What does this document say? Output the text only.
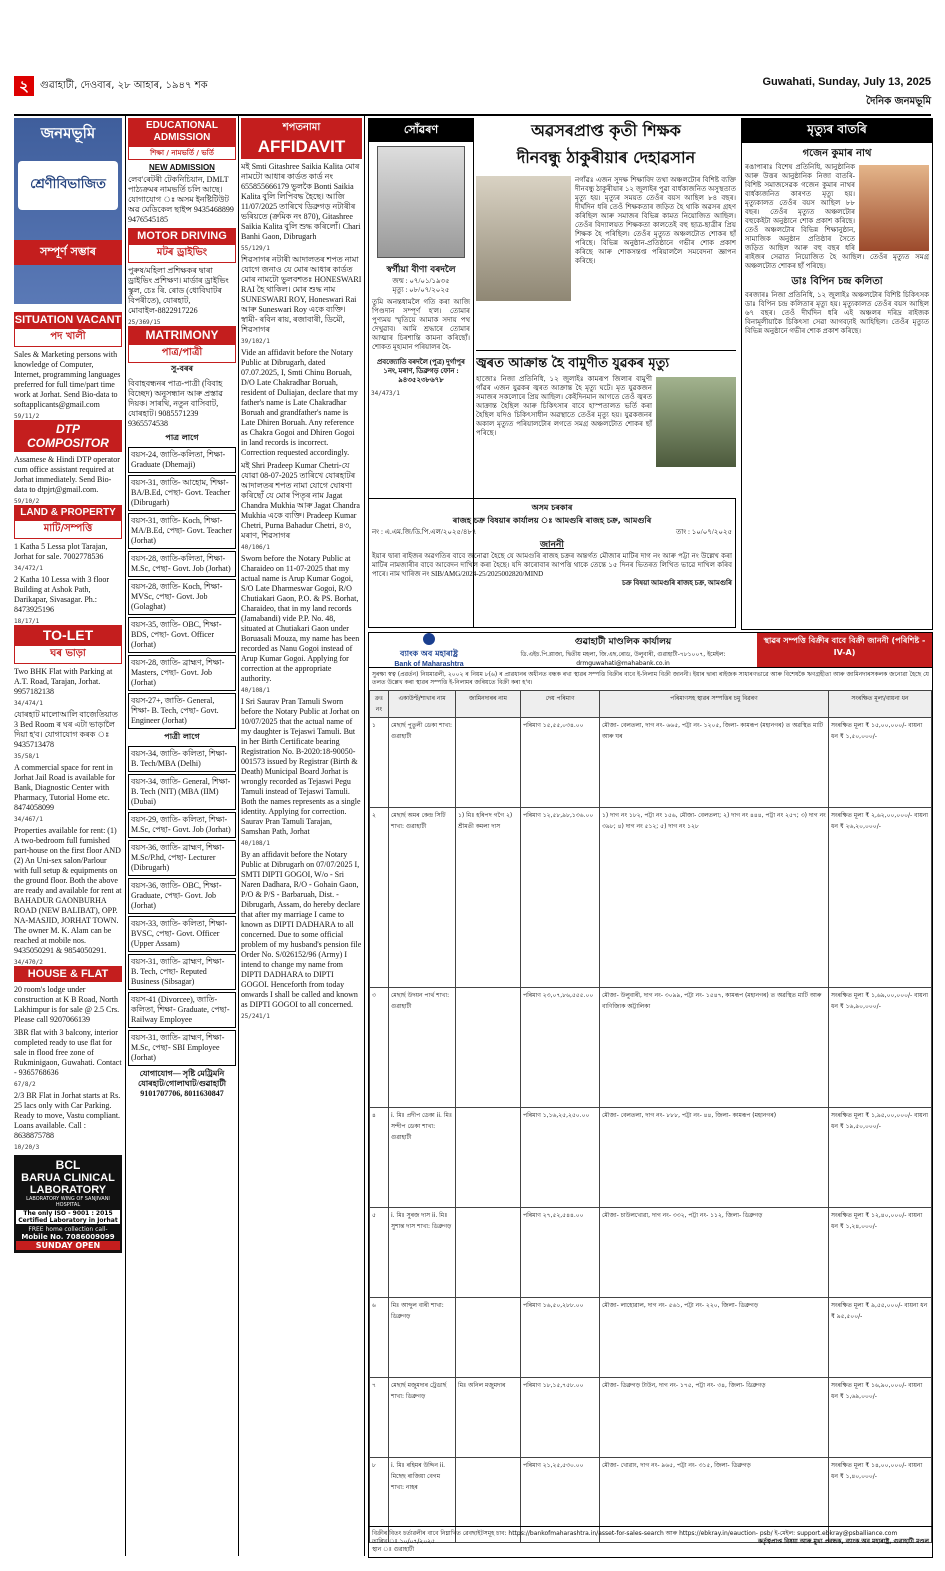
২	গুৱাহাটী, দেওবাৰ, ২৮ আহাৰ, ১৯৪৭ শক	Guwahati, Sunday, July 13, 2025
দৈনিক জনমভূমি
জনমভূমি
শ্ৰেণীবিভাজিত
সম্পূৰ্ণ সম্ভাৰ
SITUATION VACANT
পদ খালী
Sales & Marketing persons with knowledge of Computer, Internet, programming languages preferred for full time/part time work at Jorhat. Send Bio-data to softapplicants@gmail.com
59/11/2
DTP COMPOSITOR
Assamese & Hindi DTP operator cum office assistant required at Jorhat immediately. Send Bio-data to dtpjrt@gmail.com.
59/10/2
LAND & PROPERTY
মাটি/সম্পত্তি
1 Katha 5 Lessa plot Tarajan, Jorhat for sale. 7002778536
34/472/1
2 Katha 10 Lessa with 3 floor Building at Ashok Path, Darikapar, Sivasagar. Ph.: 8473925196
18/17/1
TO-LET
ঘৰ ভাড়া
Two BHK Flat with Parking at A.T. Road, Tarajan, Jorhat. 9957182138
34/474/1
যোৰহাট মালোআলি বাজেতিয়াত 3 Bed Room ৰ ঘৰ এটা ভাড়ালৈ দিয়া হ'ব। যোগাযোগ কৰক ঃ 9435713478
35/58/1
A commercial space for rent in Jorhat Jail Road is available for Bank, Diagnostic Center with Pharmacy, Tutorial Home etc. 8474058099
34/467/1
Properties available for rent: (1) A two-bedroom full furnished part-house on the first floor AND (2) An Uni-sex salon/Parlour with full setup & equipments on the ground floor. Both the above are ready and available for rent at BAHADUR GAONBURHA ROAD (NEW BALIBAT), OPP. NA-MASJID, JORHAT TOWN. The owner M. K. Alam can be reached at mobile nos. 9435050291 & 9854050291.
34/470/2
HOUSE & FLAT
20 room's lodge under construction at K B Road, North Lakhimpur is for sale @ 2.5 Crs. Please call 9207066139
3BR flat with 3 balcony, interior completed ready to use flat for sale in flood free zone of Rukminigaon, Guwahati. Contact - 9365768636
67/8/2
2/3 BR Flat in Jorhat starts at Rs. 25 lacs only with Car Parking. Ready to move, Vastu compliant. Loans available. Call : 8638875788
10/20/3
BCL
BARUA CLINICAL LABORATORY
LABORATORY WING OF SANJIVANI HOSPITAL
The only ISO - 9001 : 2015 Certified Laboratory in Jorhat
FREE home collection call-
Mobile No. 7086009099
SUNDAY OPEN
EDUCATIONAL ADMISSION
শিক্ষা / নামভৰ্তি / ভৰ্তি
NEW ADMISSION
লেব'ৰেটৰী টেকনিচিয়ান, DMLT পাঠ্যক্ৰমৰ নামভৰ্তি চলি আছে। যোগাযোগ ঃ অসম ইনষ্টিটিউট অৱ মেডিকেল ছাইন্স 9435468899 9476545185
MOTOR DRIVING
মটৰ ড্ৰাইভিং
পুৰুষ/মহিলা প্ৰশিক্ষকৰ দ্বাৰা ড্ৰাইভিং প্ৰশিক্ষণ। মাৰ্ডাৰ ড্ৰাইভিং স্কুল, চেঃ ৰি. ৰোড (ধোবিঘাটৰ বিপৰীতে), যোৰহাট, মোবাইল-8822917226
25/369/15
MATRIMONY
পাত্ৰ/পাত্ৰী
সু-বৰৰ
বিবাহবন্ধনৰ পাত্ৰ-পাত্ৰী (বিবাহ বিচ্ছেদ) অনুসন্ধান আৰু প্ৰস্তাৱ দিয়ক। সাৰথি, নতুন বাসিবাট, যোৰহাট। 9085571239 9365574538
পাত্ৰ লাগে
বয়স-24, জাতি-কলিতা, শিক্ষা- Graduate (Dhemaji)
বয়স-31, জাতি- আহোম, শিক্ষা- BA/B.Ed, পেছা- Govt. Teacher (Dibrugarh)
বয়স-31, জাতি- Koch, শিক্ষা- MA/B.Ed, পেছা- Govt. Teacher (Jorhat)
বয়স-28, জাতি-কলিতা, শিক্ষা- M.Sc, পেছা- Govt. Job (Jorhat)
বয়স-28, জাতি- Koch, শিক্ষা- MVSc, পেছা- Govt. Job (Golaghat)
বয়স-35, জাতি- OBC, শিক্ষা- BDS, পেছা- Govt. Officer (Jorhat)
বয়স-28, জাতি- ব্ৰাহ্মণ, শিক্ষা- Masters, পেছা- Govt. Job (Jorhat)
বয়স-27+, জাতি- General, শিক্ষা- B. Tech, পেছা- Govt. Engineer (Jorhat)
পাত্ৰী লাগে
বয়স-34, জাতি- কলিতা, শিক্ষা- B. Tech/MBA (Delhi)
বয়স-34, জাতি- General, শিক্ষা- B. Tech (NIT) (MBA (IIM) (Dubai)
বয়স-29, জাতি- কলিতা, শিক্ষা- M.Sc, পেছা- Govt. Job (Jorhat)
বয়স-36, জাতি- ব্ৰাহ্মণ, শিক্ষা- M.Sc/P.hd, পেছা- Lecturer (Dibrugarh)
বয়স-36, জাতি- OBC, শিক্ষা- Graduate, পেছা- Govt. Job (Jorhat)
বয়স-33, জাতি- কলিতা, শিক্ষা- BVSC, পেছা- Govt. Officer (Upper Assam)
বয়স-31, জাতি- ব্ৰাহ্মণ, শিক্ষা- B. Tech, পেছা- Reputed Business (Sibsagar)
বয়স-41 (Divorcee), জাতি- কলিতা, শিক্ষা- Graduate, পেছা- Railway Employee
বয়স-31, জাতি- ব্ৰাহ্মণ, শিক্ষা- M.Sc, পেছা- SBI Employee (Jorhat)
যোগাযোগ— সৃষ্টি মেট্ৰিমনি যোৰহাট/গোলাঘাট/গুৱাহাটী 9101707706, 8011630847
শপতনামা
AFFIDAVIT
মই Smti Gitashree Saikia Kalita মোৰ নামটো আধাৰ কাৰ্ডত কাৰ্ড নং 655855666179 ভুলকৈ Bonti Saikia Kalita বুলি লিপিবদ্ধ হৈছে। আজি 11/07/2025 তাৰিখে ডিব্ৰুগড় নটাৰীৰ ভৰিয়তে (ক্ৰমিক নং 870), Gitashree Saikia Kalita বুলি শুদ্ধ কৰিলোঁ। Chari Banhi Gaon, Dibrugarh
55/129/1
শিৱসাগৰ নটাৰী আদালতৰ শপত নামা যোগে জনাও যে মোৰ আধাৰ কাৰ্ডত মোৰ নামটো ভুলবশতঃ HONESWARI RAI হৈ থাকিল। মোৰ শুদ্ধ নাম SUNESWARI ROY, Honeswari Rai আৰু Suneswari Roy একে ব্যক্তি। স্বামী- ৰবিন ৰায়, ৰজাবাৰী, ডিমৌ, শিৱসাগৰ
39/102/1
Vide an affidavit before the Notary Public at Dibrugarh, dated 07.07.2025, I, Smti Chinu Boruah, D/O Late Chakradhar Boruah, resident of Duliajan, declare that my father's name is Late Chakradhar Boruah and grandfather's name is Late Dhiren Boruah. Any reference as Chakra Gogoi and Dhiren Gogoi in land records is incorrect. Correction requested accordingly.
মই Shri Pradeep Kumar Chetri-যে যোৱা 08-07-2025 তাৰিখে যোৰহাটৰ আদালতৰ শপত নামা যোগে ঘোষণা কৰিছোঁ যে মোৰ পিতৃৰ নাম Jagat Chandra Mukhia আৰু Jagat Chandra Mukhia একে ব্যক্তি। Pradeep Kumar Chetri, Purna Bahadur Chetri, ৪৩, মৰাণ, শিৱসাগৰ
40/106/1
Sworn before the Notary Public at Charaideo on 11-07-2025 that my actual name is Arup Kumar Gogoi, S/O Late Dharmeswar Gogoi, R/O Chutiakari Gaon, P.O. & PS. Borhat, Charaideo, that in my land records (Jamabandi) vide P.P. No. 48, situated at Chutiakari Gaon under Boruasali Mouza, my name has been recorded as Nanu Gogoi instead of Arup Kumar Gogoi. Applying for correction at the appropriate authority.
40/108/1
I Sri Saurav Pran Tamuli Sworn before the Notary Public at Jorhat on 10/07/2025 that the actual name of my daughter is Tejaswi Tamuli. But in her Birth Certificate bearing Registration No. B-2020:18-90050-001573 issued by Registrar (Birth & Death) Municipal Board Jorhat is wrongly recorded as Tejaswi Pegu Tamuli instead of Tejaswi Tamuli. Both the names represents as a single identity. Applying for correction. Saurav Pran Tamuli Tarajan, Samshan Path, Jorhat
40/108/1
By an affidavit before the Notary Public at Dibrugarh on 07/07/2025 I, SMTI DIPTI GOGOI, W/o - Sri Naren Dadhara, R/O - Gohain Gaon, P/O & P/S - Barbaruah, Dist. - Dibrugarh, Assam, do hereby declare that after my marriage I came to known as DIPTI DADHARA to all concerned. Due to some official problem of my husband's pension file Order No. S/026152/96 (Army) I intend to change my name from DIPTI DADHARA to DIPTI GOGOI. Henceforth from today onwards I shall be called and known as DIPTI GOGOI to all concerned.
25/241/1
সোঁৱৰণ
স্বৰ্গীয়া বীণা বৰদলৈ
জন্ম : ০৭/০১/১৯৩৫
মৃত্যু : ০৮/০৭/২০২৫
তুমি অনন্তধামলৈ গতি কৰা আজি পিণ্ডদান সম্পূৰ্ণ হ'ল। তোমাৰ পুণ্যময় স্মৃতিয়ে আমাক সদায় পথ দেখুৱাব। আমি শ্ৰদ্ধাৰে তোমাৰ আত্মাৰ চিৰশান্তি কামনা কৰিছোঁ। শোকত মূহ্যমান পৰিয়ালৰ হৈ-
প্ৰবজ্যোতি বৰদলৈ (পুত্ৰ) দুৰ্গাপুৰ ১নং, মৰাণ, ডিব্ৰুগড় ফোন : ৯৪৩৫২৩৮৬৭৮
34/473/1
অৱসৰপ্ৰাপ্ত কৃতী শিক্ষক
দীনবন্ধু ঠাকুৰীয়াৰ দেহাৱসান
নগাঁৱঃ এজন সুদক্ষ শিক্ষাবিদ তথা অঞ্চলটোৰ বিশিষ্ট ব্যক্তি দীনবন্ধু ঠাকুৰীয়াৰ ১২ জুলাইৰ পুৱা বাৰ্ধক্যজনিত অসুস্থতাত মৃত্যু হয়। মৃত্যুৰ সময়ত তেওঁৰ বয়স আছিল ৮৪ বছৰ। দীৰ্ঘদিন ধৰি তেওঁ শিক্ষকতাৰ জড়িত হৈ থাকি অৱসৰ গ্ৰহণ কৰিছিল আৰু সমাজৰ বিভিন্ন কামত নিয়োজিত আছিল। তেওঁৰ বিদ্যালয়ত শিক্ষকতা কালতেই বহু ছাত্ৰ-ছাত্ৰীৰ প্ৰিয় শিক্ষক হৈ পৰিছিল। তেওঁৰ মৃত্যুত অঞ্চলটোত শোকৰ ছাঁ পৰিছে। বিভিন্ন অনুষ্ঠান-প্ৰতিষ্ঠানে গভীৰ শোক প্ৰকাশ কৰিছে আৰু শোকসন্তপ্ত পৰিয়াললৈ সমবেদনা জ্ঞাপন কৰিছে।
জ্বৰত আক্ৰান্ত হৈ বামুণীত যুৱকৰ মৃত্যু
হাজোঃ নিজা প্ৰতিনিধি, ১২ জুলাইঃ কামৰূপ জিলাৰ বামুণী গাঁৱৰ এজন যুৱকৰ জ্বৰত আক্ৰান্ত হৈ মৃত্যু ঘটে। মৃত যুৱকজন সমাজৰ সকলোৰে প্ৰিয় আছিল। কেইদিনমান আগতে তেওঁ জ্বৰত আক্ৰান্ত হৈছিল আৰু চিকিৎসাৰ বাবে হাস্পতালত ভৰ্তি কৰা হৈছিল যদিও চিকিৎসাধীন অৱস্থাতে তেওঁৰ মৃত্যু হয়। যুৱকজনৰ অকাল মৃত্যুত পৰিয়ালটোৰ লগতে সমগ্ৰ অঞ্চলটোত শোকৰ ছাঁ পৰিছে।
অসম চৰকাৰ
ৰাজহ চক্ৰ বিষয়াৰ কাৰ্যালয় ঃ আমগুৰি ৰাজহ চক্ৰ, আমগুৰি
নং : এ.এম.জি/ডি.পি.এল/২০২৫/৪৮৭	তাং : ১০/০৭/২০২৫
জাননী
ইয়াৰ দ্বাৰা ৰাইজৰ অৱগতিৰ বাবে জনোৱা হৈছে যে আমগুৰি ৰাজহ চক্ৰৰ অন্তৰ্গত মৌজাৰ মাটিৰ দাগ নং আৰু পট্টা নং উল্লেখ কৰা মাটিৰ নামজাৰীৰ বাবে আবেদন দাখিল কৰা হৈছে। যদি কাৰোবাৰ আপত্তি থাকে তেন্তে ১৫ দিনৰ ভিতৰত লিখিত ভাৱে দাখিল কৰিব পাৰে। নাম খাৰিজ নং SIB/AMG/2024-25/2025002820/MIND
চক্ৰ বিষয়া আমগুৰি ৰাজহ চক্ৰ, আমগুৰি
মৃত্যুৰ বাতৰি
গজেন কুমাৰ নাথ
ৰঙাপাৰাঃ বিশেষ প্ৰতিনিধি, আনুষ্ঠানিক আৰু উত্তৰ আনুষ্ঠানিক নিজা বাতৰি- বিশিষ্ট সমাজসেৱক গজেন কুমাৰ নাথৰ বাৰ্ধক্যজনিত কাৰণত মৃত্যু হয়। মৃত্যুকালত তেওঁৰ বয়স আছিল ৮৮ বছৰ। তেওঁৰ মৃত্যুত অঞ্চলটোৰ বহুকেইটা অনুষ্ঠানে শোক প্ৰকাশ কৰিছে। তেওঁ অঞ্চলটোৰ বিভিন্ন শিক্ষানুষ্ঠান, সামাজিক অনুষ্ঠান প্ৰতিষ্ঠাৰ সৈতে জড়িত আছিল আৰু বহু বছৰ ধৰি ৰাইজৰ সেৱাত নিয়োজিত হৈ আছিল। তেওঁৰ মৃত্যুত সমগ্ৰ অঞ্চলটোত শোকৰ ছাঁ পৰিছে।
ডাঃ বিপিন চন্দ্ৰ কলিতা
বৰজাৰঃ নিজা প্ৰতিনিধি, ১২ জুলাইঃ অঞ্চলটোৰ বিশিষ্ট চিকিৎসক ডাঃ বিপিন চন্দ্ৰ কলিতাৰ মৃত্যু হয়। মৃত্যুকালত তেওঁৰ বয়স আছিল ৬৭ বছৰ। তেওঁ দীৰ্ঘদিন ধৰি এই অঞ্চলৰ দৰিদ্ৰ ৰাইজক বিনামূলীয়াকৈ চিকিৎসা সেৱা আগবঢ়াই আহিছিল। তেওঁৰ মৃত্যুত বিভিন্ন অনুষ্ঠানে গভীৰ শোক প্ৰকাশ কৰিছে।
ব্যাংক অব মহাৰাষ্ট্ৰ
Bank of Maharashtra
গুৱাহাটী মাণ্ডলিক কাৰ্যালয়
ডি.এইচ.পি.প্লাজা, দ্বিতীয় মহলা, জি.এছ.ৰোড, উলুবাৰী, গুৱাহাটী-৭৮১০০৭, ইমেইল: drmguwahati@mahabank.co.in
স্থাৱৰ সম্পত্তি বিক্ৰীৰ বাবে বিক্ৰী জাননী (পৰিশিষ্ট - IV-A)
সুৰক্ষা স্বত্ব (প্ৰৱৰ্তন) নিয়মাৱলী, ২০০২ ৰ নিয়ম ৮(৬) ৰ প্ৰাৱধানৰ অধীনত বন্ধক ৰখা স্থাৱৰ সম্পত্তি বিক্ৰীৰ বাবে ই-নিলাম বিক্ৰী জাননী। ইয়াৰ দ্বাৰা ৰাইজক সাধাৰণভাৱে আৰু বিশেষকৈ ঋণগ্ৰহীতা আৰু জামিনদাৰসকলক জনোৱা হৈছে যে তলত উল্লেখ কৰা স্থাৱৰ সম্পত্তি ই-নিলামৰ জৰিয়তে বিক্ৰী কৰা হ'ব।
ক্ৰঃ নং	একাউণ্ট/শাখাৰ নাম	জামিনদাৰৰ নাম	দেয় পৰিমাণ	পৰিমাণসহ স্থাৱৰ সম্পত্তিৰ চমু বিৱৰণ	সংৰক্ষিত মূল্য/বায়না ধন
১	মেছাৰ্ছ পুতুলী ডেকা শাখা: গুৱাহাটী		পৰিমাণ ১৫,৫৫,০৩৪.০০	মৌজা- বেলতলা, দাগ নং- ৬৬৫, পট্টা নং- ১২০৫, জিলা- কামৰূপ (মহানগৰ) ত অৱস্থিত মাটি আৰু ঘৰ	সংৰক্ষিত মূল্য ₹ ১৫,০০,০০০/- বায়না ধন ₹ ১,৫০,০০০/-
২	মেছাৰ্ছ অমৰ কেন্দ্ৰ সিটি শাখা: গুৱাহাটী	১) মিঃ হৰিপদ গগৈ ২) শ্ৰীমতী কমলা দাস	পৰিমাণ ১২,৫৮,৯৮,১৩৬.০০	১) দাগ নং ১৮২, পট্টা নং ১৫৬, মৌজা- বেলতলা; ২) দাগ নং ৪৪৪, পট্টা নং ২৫৭; ৩) দাগ নং ৩৯৮; ৪) দাগ নং ৫১২; ৫) দাগ নং ১২৮	সংৰক্ষিত মূল্য ₹ ২,৬২,০০,০০০/- বায়না ধন ₹ ২৬,২০,০০০/-
৩	মেছাৰ্ছ উদয়ন পাৰ্থ শাখা: গুৱাহাটী		পৰিমাণ ২৩,০৭,৮৬,৫৫৫.০০	মৌজা- উলুবাৰী, দাগ নং- ৩০৯৯, পট্টা নং- ১৫৪৭, কামৰূপ (মহানগৰ) ত অৱস্থিত মাটি আৰু বাণিজ্যিক অট্টালিকা	সংৰক্ষিত মূল্য ₹ ১,৬৯,০০,০০০/- বায়না ধন ₹ ১৬,৯০,০০০/-
৪	i. মিঃ প্ৰদীপ ডেকা ii. মিঃ সন্দীপ ডেকা শাখা: গুৱাহাটী		পৰিমাণ ১,১৬,২৫,২৫০.০০	মৌজা- বেলতলা, দাগ নং- ৮৮৮, পট্টা নং- ৪৪, জিলা- কামৰূপ (মহানগৰ)	সংৰক্ষিত মূল্য ₹ ১,৯৫,০০,০০০/- বায়না ধন ₹ ১৯,৫০,০০০/-
৫	i. মিঃ সুৰজ দাস ii. মিঃ সুশান্ত দাস শাখা: ডিব্ৰুগড়		পৰিমাণ ২৭,৫২,৫৪৪.০০	মৌজা- চাউলখোৱা, দাগ নং- ৩৩২, পট্টা নং- ১১২, জিলা- ডিব্ৰুগড়	সংৰক্ষিত মূল্য ₹ ১২,৪০,০০০/- বায়না ধন ₹ ১,২৪,০০০/-
৬	মিঃ আব্দুল বাৰী শাখা: ডিব্ৰুগড়		পৰিমাণ ১৬,৫০,২৮৮.০০	মৌজা- লাহোৱাল, দাগ নং- ৫৬১, পট্টা নং- ২২০, জিলা- ডিব্ৰুগড়	সংৰক্ষিত মূল্য ₹ ৯,৫৫,০০০/- বায়না ধন ₹ ৯৫,৫০০/-
৭	মেছাৰ্ছ মজুমদাৰ ট্ৰেডাৰ্ছ শাখা: ডিব্ৰুগড়	মিঃ অনিল মজুমদাৰ	পৰিমাণ ১৮,১৫,৭৫৮.০০	মৌজা- ডিব্ৰুগড় টাউন, দাগ নং- ১৭৫, পট্টা নং- ৩৪, জিলা- ডিব্ৰুগড়	সংৰক্ষিত মূল্য ₹ ১৬,৯০,০০০/- বায়না ধন ₹ ১,৬৯,০০০/-
৮	i. মিঃ ৰহিমৰ উদ্দিন ii. মিছেছ ৰাজিয়া বেগম শাখা: নাহৰ		পৰিমাণ ২১,২৫,৫৩০.০০	মৌজা- খোৱাং, দাগ নং- ৯৬৫, পট্টা নং- ৩১৫, জিলা- ডিব্ৰুগড়	সংৰক্ষিত মূল্য ₹ ১৪,০০,০০০/- বায়না ধন ₹ ১,৪০,০০০/-
বিক্ৰীৰ বিতং চৰ্তাৱলীৰ বাবে নিম্নাখিত ৱেবছাইটসমূহ চাব: https://bankofmaharashtra.in/asset-for-sales-search আৰু https://ebkray.in/eauction- psb/ ই-মেইল: support.ebkray@psballiance.com
তাৰিখ ঃ ১০/০৭/২০২৫
স্থান ঃ গুৱাহাটী
কৰ্তৃত্বপ্ৰাপ্ত বিষয়া আৰু মুখ্য প্ৰবন্ধক, ব্যাংক অব মহাৰাষ্ট্ৰ, গুৱাহাটী মণ্ডল
